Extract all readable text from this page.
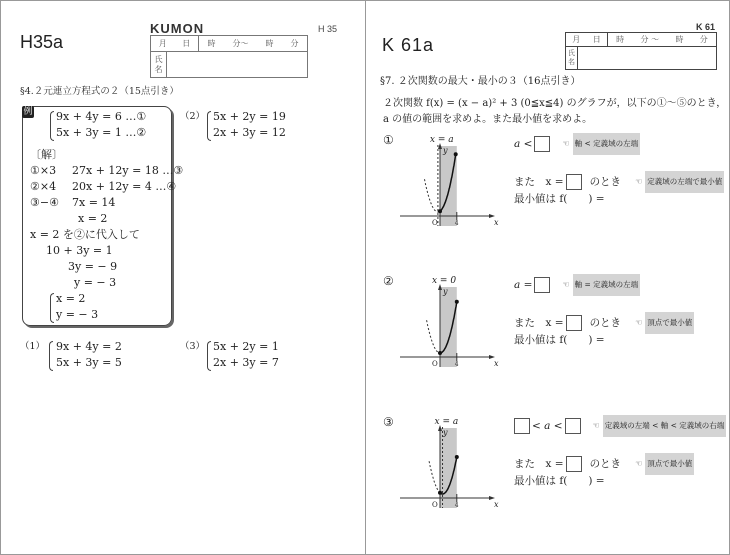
H35a
KUMON	H 35
月 日 時 分～ 時 分
氏
名
§4.２元連立方程式の２（15点引き）
例 9x + 4y = 6 …①
5x + 3y = 1 …②
〔解〕
①×3 27x + 12y = 18 …③
②×4 20x + 12y = 4 …④
③−④ 7x = 14
x = 2
x = 2 を②に代入して
10 + 3y = 1
3y = − 9
y = − 3
x = 2
y = − 3
（2） 5x + 2y = 19
2x + 3y = 12
（1） 9x + 4y = 2
5x + 3y = 5
（3） 5x + 2y = 1
2x + 3y = 7
K 61a
K 61
月 日 時 分 ～ 時 分
氏
名
§7. ２次関数の最大・最小の３（16点引き）
２次関数 f(x) = (x − a)² + 3 (0≦x≦4) のグラフが，以下の①～⑤のとき，
a の値の範囲を求めよ。また最小値を求めよ。
①	x = a
y
x
O	4
a <	☜ 軸 < 定義域の左端
また　x = のとき ☜ 定義域の左端で最小値
最小値は f(　　) =
②	x = 0
y
x
O	4
a =	☜ 軸 = 定義域の左端
また　x = のとき ☜ 頂点で最小値
最小値は f(　　) =
③	x = a
y
x
O	4
< a <	☜ 定義域の左端 < 軸 < 定義域の右端
また　x = のとき ☜ 頂点で最小値
最小値は f(　　) =
